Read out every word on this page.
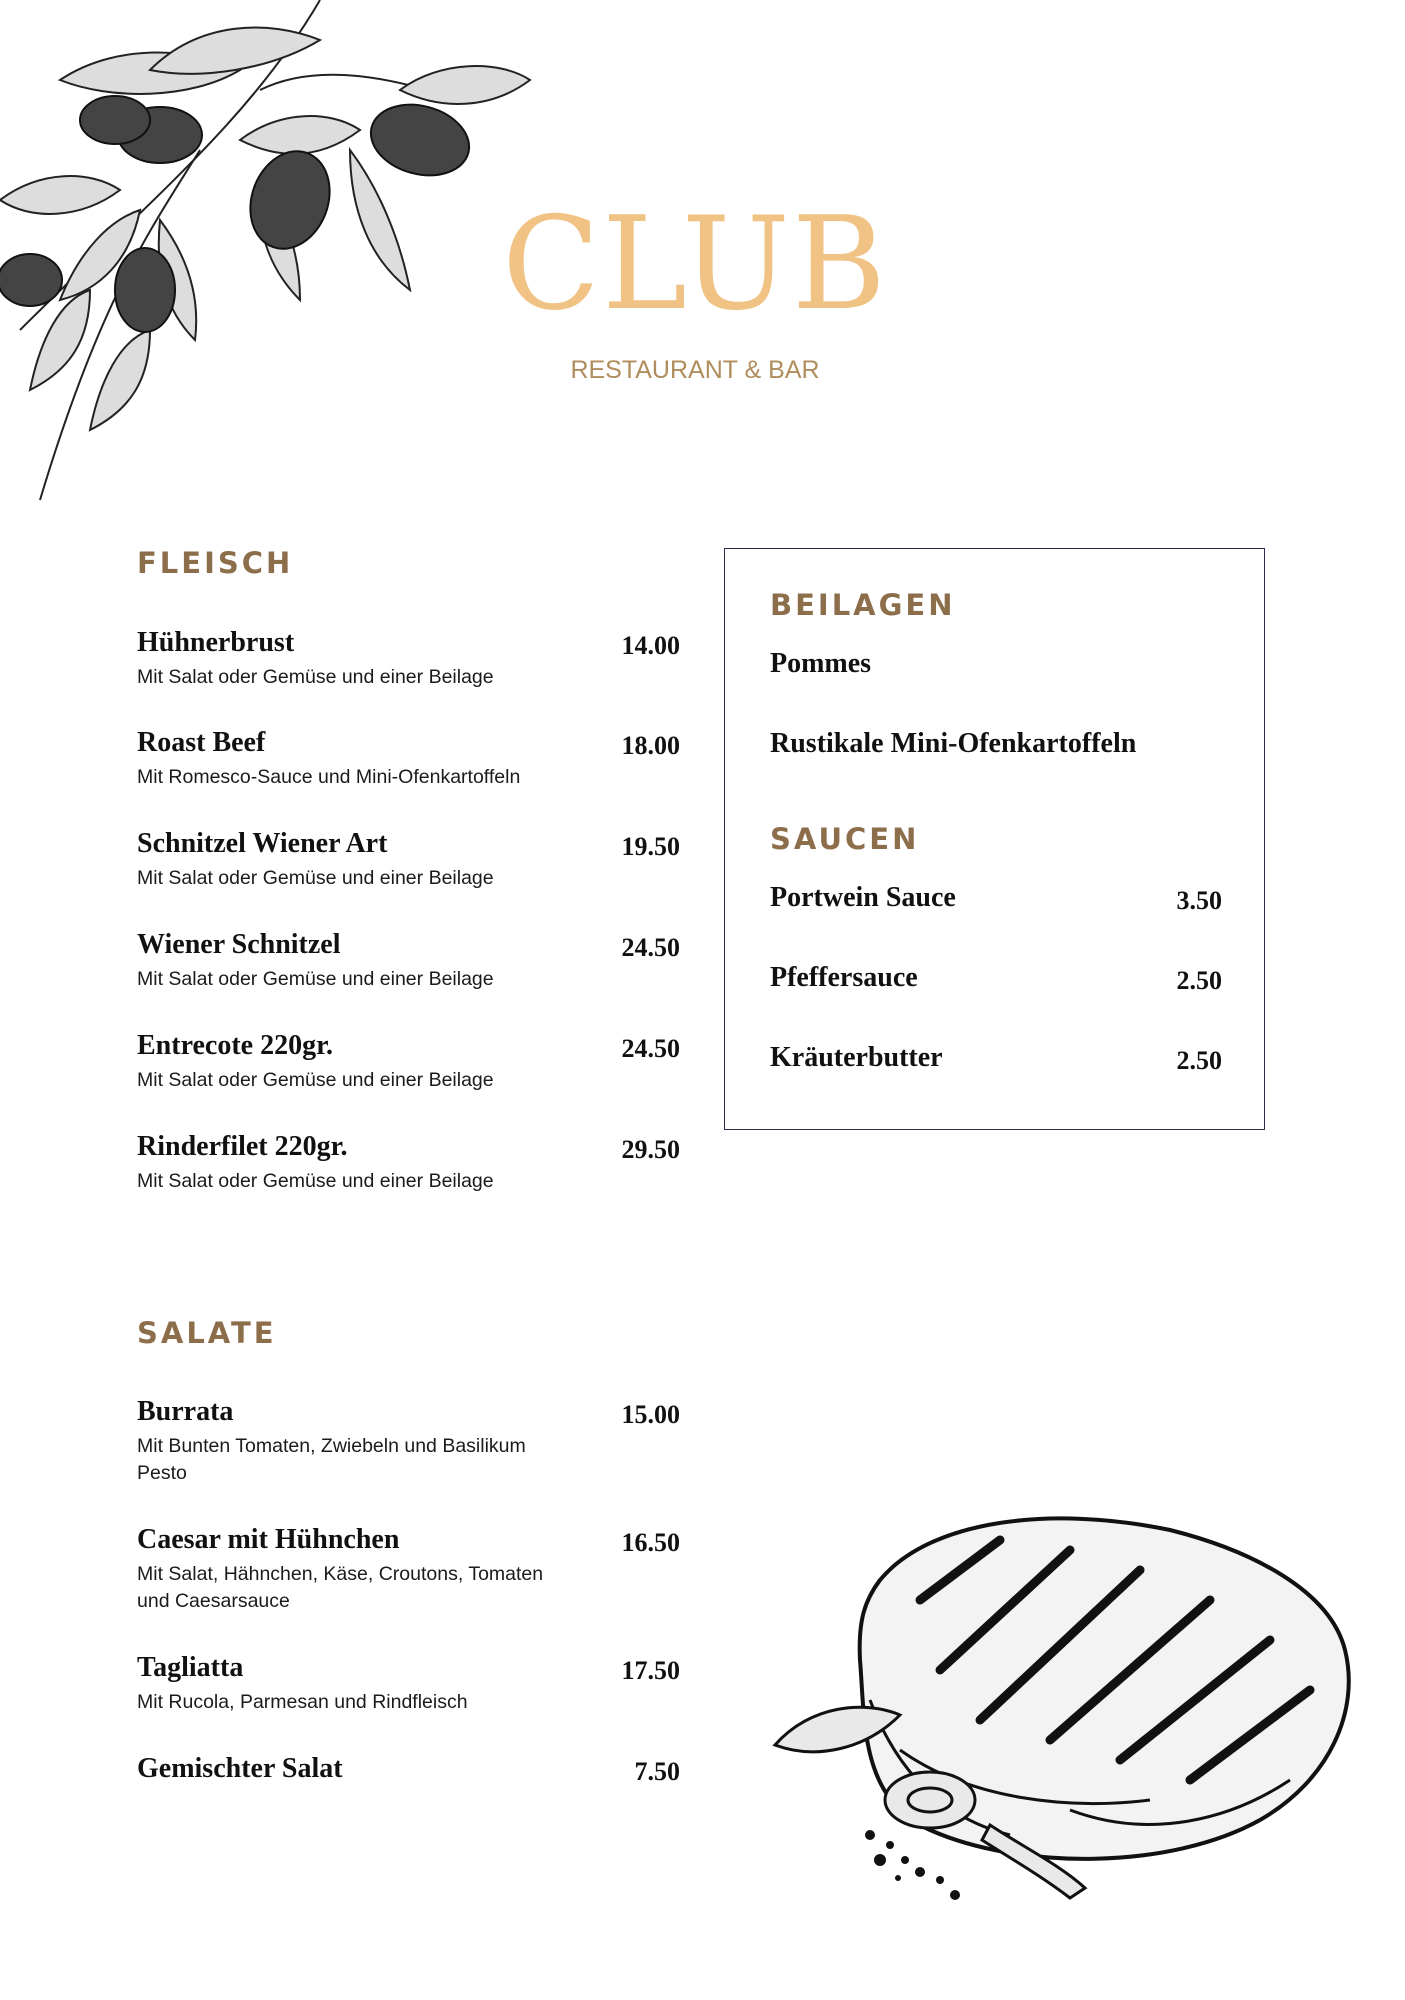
CLUB
RESTAURANT & BAR
FLEISCH
Hühnerbrust	14.00
Mit Salat oder Gemüse und einer Beilage
Roast Beef	18.00
Mit Romesco-Sauce und Mini-Ofenkartoffeln
Schnitzel Wiener Art	19.50
Mit Salat oder Gemüse und einer Beilage
Wiener Schnitzel	24.50
Mit Salat oder Gemüse und einer Beilage
Entrecote 220gr.	24.50
Mit Salat oder Gemüse und einer Beilage
Rinderfilet 220gr.	29.50
Mit Salat oder Gemüse und einer Beilage
SALATE
Burrata	15.00
Mit Bunten Tomaten, Zwiebeln und Basilikum Pesto
Caesar mit Hühnchen	16.50
Mit Salat, Hähnchen, Käse, Croutons, Tomaten und Caesarsauce
Tagliatta	17.50
Mit Rucola, Parmesan und Rindfleisch
Gemischter Salat	7.50
BEILAGEN
Pommes
Rustikale Mini-Ofenkartoffeln
SAUCEN
Portwein Sauce	3.50
Pfeffersauce	2.50
Kräuterbutter	2.50
